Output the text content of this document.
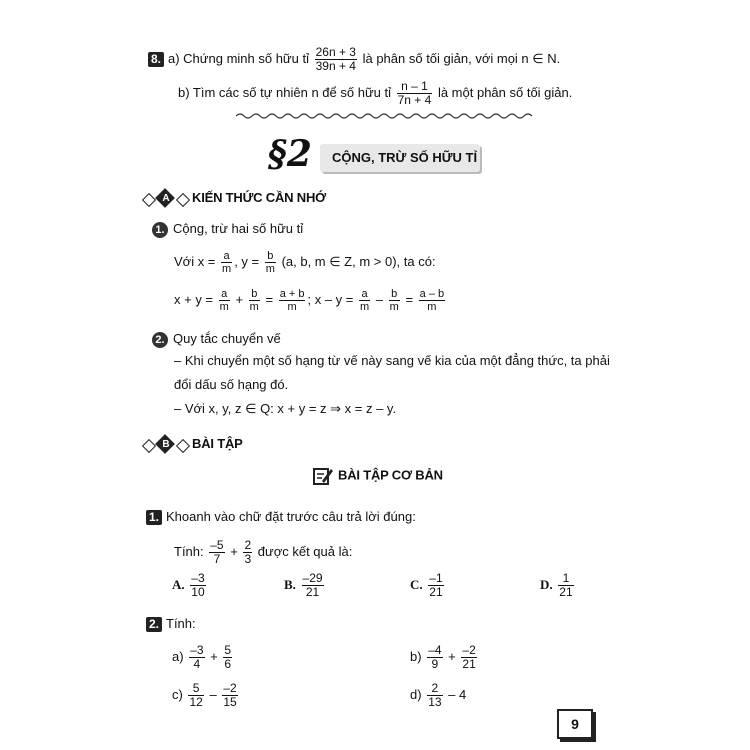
8. a) Chứng minh số hữu tỉ $\frac{26n + 3}{39n + 4}$ là phân số tối giản, với mọi n ∈ N.
b) Tìm các số tự nhiên n để số hữu tỉ $\frac{n - 1}{7n + 4}$ là một phân số tối giản.
§2 CỘNG, TRỪ SỐ HỮU TỈ
A KIẾN THỨC CẦN NHỚ
1. Cộng, trừ hai số hữu tỉ
Với $x = \frac{a}{m}$ , $y = \frac{b}{m} (a$, b, m ∈ Z, m > 0), ta có:
$x + y = \frac{a}{m} + \frac{b}{m} = \frac{a + b}{m}$ ; $x - y = \frac{a}{m} - \frac{b}{m} = \frac{a - b}{m}$
2. Quy tắc chuyển vế
– Khi chuyển một số hạng từ vế này sang vế kia của một đẳng thức, ta phải
đổi dấu số hạng đó.
– Với x, y, z ∈ Q: x + y = z ⇒ x = z – y.
B BÀI TẬP
BÀI TẬP CƠ BẢN
1. Khoanh vào chữ đặt trước câu trả lời đúng:
Tính: $\frac{-5}{7} + \frac{2}{3}$ được kết quả là:
A. $\frac{-3}{10}$	B. $\frac{-29}{21}$	C. $\frac{-1}{21}$	D. $\frac{1}{21}$
2. Tính:
$a) \frac{-3}{4} + \frac{5}{6}$	$b) \frac{-4}{9} + \frac{-2}{21}$
$c) \frac{5}{12} - \frac{-2}{15}$	$d) \frac{2}{13} - 4$
9
